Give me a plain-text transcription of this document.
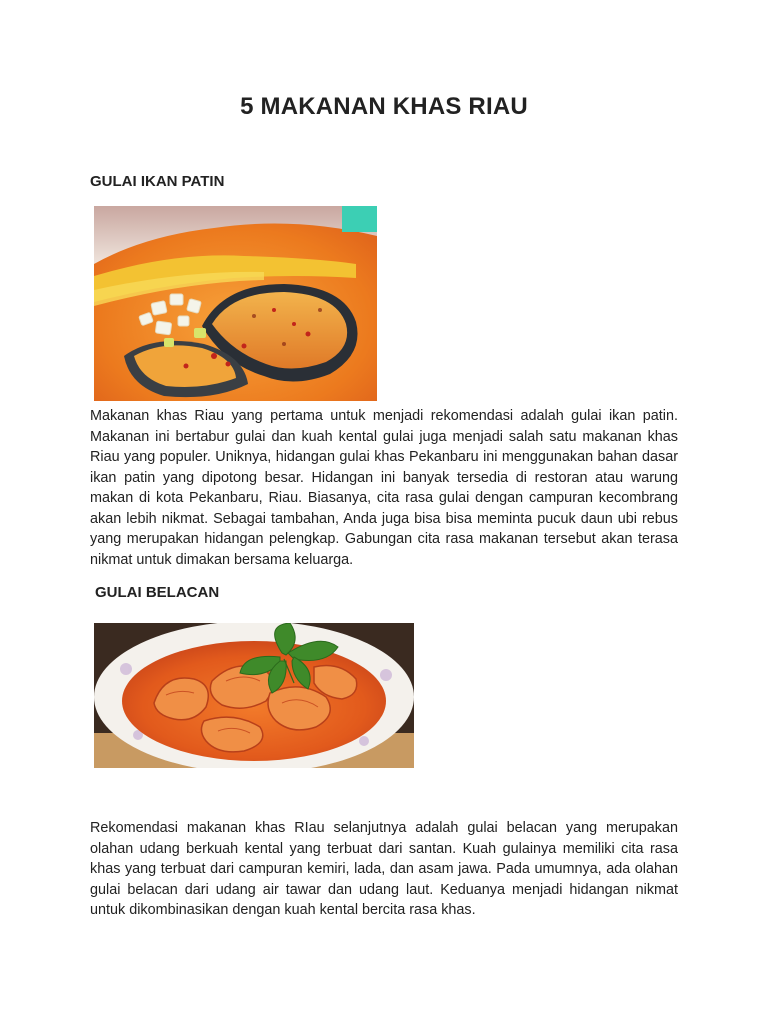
5 MAKANAN KHAS RIAU
GULAI IKAN PATIN

Makanan khas Riau yang pertama untuk menjadi rekomendasi adalah gulai ikan patin. Makanan ini bertabur gulai dan kuah kental gulai juga menjadi salah satu makanan khas Riau yang populer. Uniknya, hidangan gulai khas Pekanbaru ini menggunakan bahan dasar ikan patin yang dipotong besar. Hidangan ini banyak tersedia di restoran atau warung makan di kota Pekanbaru, Riau. Biasanya, cita rasa gulai dengan campuran kecombrang akan lebih nikmat. Sebagai tambahan, Anda juga bisa bisa meminta pucuk daun ubi rebus yang merupakan hidangan pelengkap. Gabungan cita rasa makanan tersebut akan terasa nikmat untuk dimakan bersama keluarga.

GULAI BELACAN

Rekomendasi makanan khas RIau selanjutnya adalah gulai belacan yang merupakan olahan udang berkuah kental yang terbuat dari santan. Kuah gulainya memiliki cita rasa khas yang terbuat dari campuran kemiri, lada, dan asam jawa. Pada umumnya, ada olahan gulai belacan dari udang air tawar dan udang laut. Keduanya menjadi hidangan nikmat untuk dikombinasikan dengan kuah kental bercita rasa khas.
